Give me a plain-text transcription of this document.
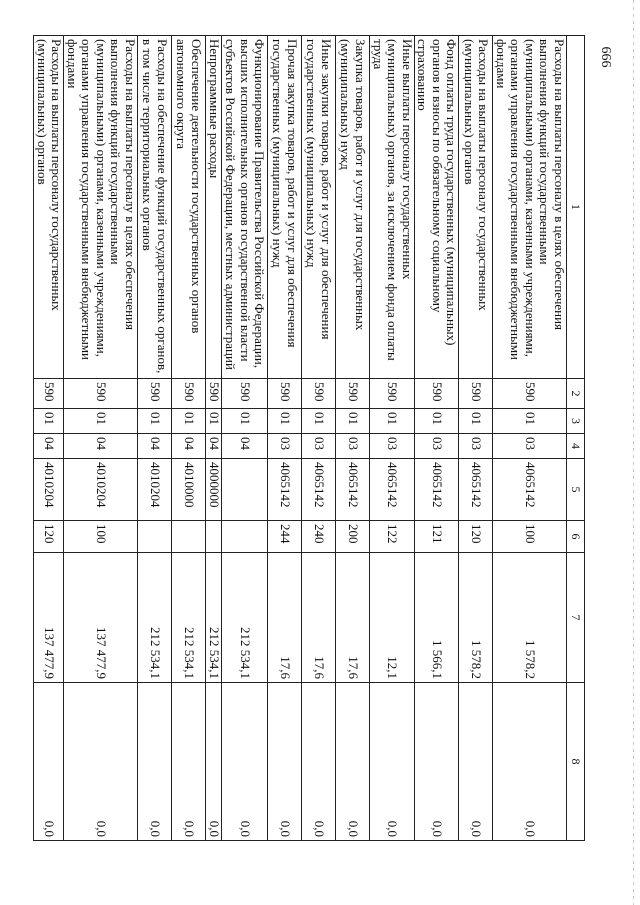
666
1	2	3	4	5	6	7	8
Расходы на выплаты персоналу в целях обеспечения выполнения функций государственными (муниципальными) органами, казенными учреждениями, органами управления государственными внебюджетными фондами	590	01	03	4065142	100	1 578,2	0,0
Расходы на выплаты персоналу государственных (муниципальных) органов	590	01	03	4065142	120	1 578,2	0,0
Фонд оплаты труда государственных (муниципальных) органов и взносы по обязательному социальному страхованию	590	01	03	4065142	121	1 566,1	0,0
Иные выплаты персоналу государственных (муниципальных) органов, за исключением фонда оплаты труда	590	01	03	4065142	122	12,1	0,0
Закупка товаров, работ и услуг для государственных (муниципальных) нужд	590	01	03	4065142	200	17,6	0,0
Иные закупки товаров, работ и услуг для обеспечения государственных (муниципальных) нужд	590	01	03	4065142	240	17,6	0,0
Прочая закупка товаров, работ и услуг для обеспечения государственных (муниципальных) нужд	590	01	03	4065142	244	17,6	0,0
Функционирование Правительства Российской Федерации, высших исполнительных органов государственной власти субъектов Российской Федерации, местных администраций	590	01	04			212 534,1	0,0
Непрограммные расходы	590	01	04	4000000		212 534,1	0,0
Обеспечение деятельности государственных органов автономного округа	590	01	04	4010000		212 534,1	0,0
Расходы на обеспечение функций государственных органов, в том числе территориальных органов	590	01	04	4010204		212 534,1	0,0
Расходы на выплаты персоналу в целях обеспечения выполнения функций государственными (муниципальными) органами, казенными учреждениями, органами управления государственными внебюджетными фондами	590	01	04	4010204	100	137 477,9	0,0
Расходы на выплаты персоналу государственных (муниципальных) органов	590	01	04	4010204	120	137 477,9	0,0
